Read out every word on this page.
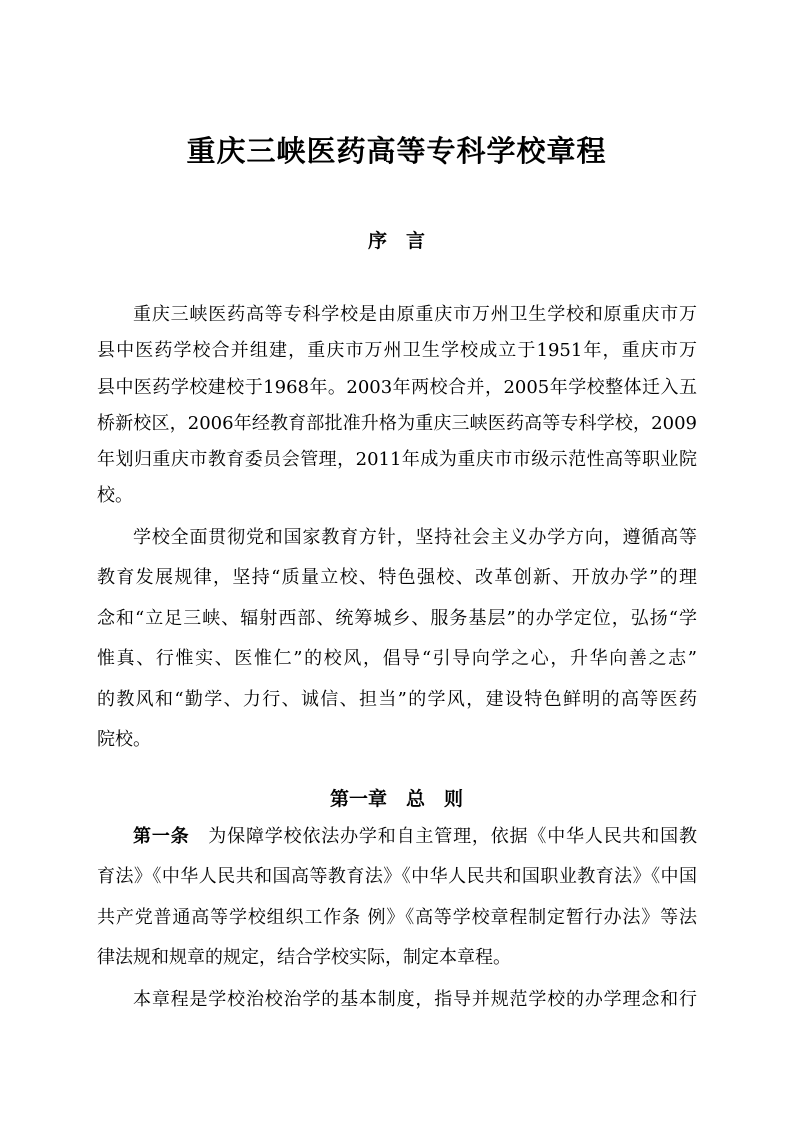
重庆三峡医药高等专科学校章程
序　言
重庆三峡医药高等专科学校是由原重庆市万州卫生学校和原重庆市万
县中医药学校合并组建，重庆市万州卫生学校成立于1951年，重庆市万
县中医药学校建校于1968年。2003年两校合并，2005年学校整体迁入五
桥新校区，2006年经教育部批准升格为重庆三峡医药高等专科学校，2009
年划归重庆市教育委员会管理，2011年成为重庆市市级示范性高等职业院
校。
学校全面贯彻党和国家教育方针，坚持社会主义办学方向，遵循高等
教育发展规律，坚持“质量立校、特色强校、改革创新、开放办学”的理
念和“立足三峡、辐射西部、统筹城乡、服务基层”的办学定位，弘扬“学
惟真、行惟实、医惟仁”的校风，倡导“引导向学之心，升华向善之志”
的教风和“勤学、力行、诚信、担当”的学风，建设特色鲜明的高等医药
院校。
第一章　总　则
第一条　为保障学校依法办学和自主管理，依据《中华人民共和国教
育法》《中华人民共和国高等教育法》《中华人民共和国职业教育法》《中国
共产党普通高等学校组织工作条 例》《高等学校章程制定暂行办法》等法
律法规和规章的规定，结合学校实际，制定本章程。
本章程是学校治校治学的基本制度，指导并规范学校的办学理念和行
